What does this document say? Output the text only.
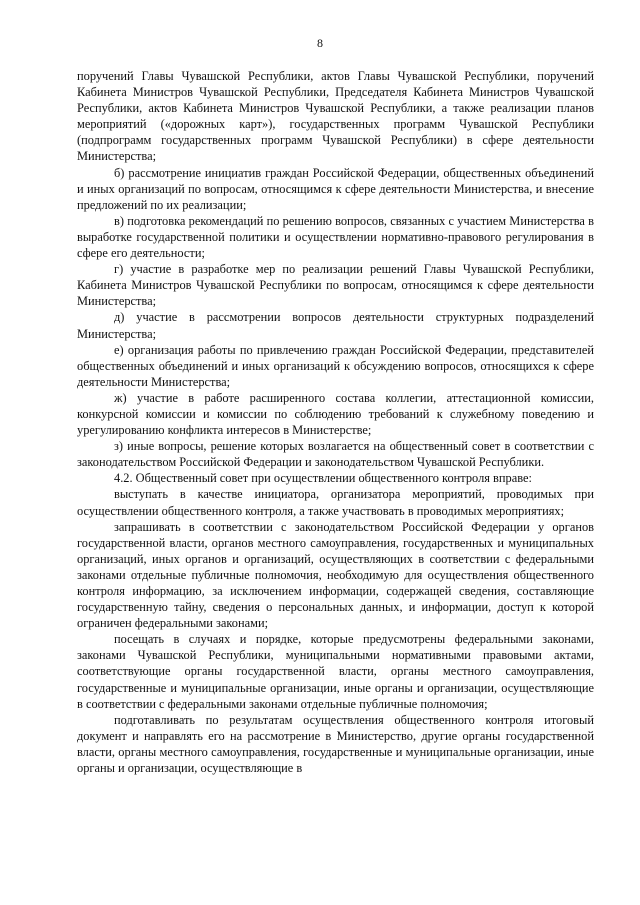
8

поручений Главы Чувашской Республики, актов Главы Чувашской Республики, поручений Кабинета Министров Чувашской Республики, Председателя Кабинета Министров Чувашской Республики, актов Кабинета Министров Чувашской Республики, а также реализации планов мероприятий («дорожных карт»), государственных программ Чувашской Республики (подпрограмм государственных программ Чувашской Республики) в сфере деятельности Министерства;

б) рассмотрение инициатив граждан Российской Федерации, общественных объединений и иных организаций по вопросам, относящимся к сфере деятельности Министерства, и внесение предложений по их реализации;

в) подготовка рекомендаций по решению вопросов, связанных с участием Министерства в выработке государственной политики и осуществлении нормативно-правового регулирования в сфере его деятельности;

г) участие в разработке мер по реализации решений Главы Чувашской Республики, Кабинета Министров Чувашской Республики по вопросам, относящимся к сфере деятельности Министерства;

д) участие в рассмотрении вопросов деятельности структурных подразделений Министерства;

е) организация работы по привлечению граждан Российской Федерации, представителей общественных объединений и иных организаций к обсуждению вопросов, относящихся к сфере деятельности Министерства;

ж) участие в работе расширенного состава коллегии, аттестационной комиссии, конкурсной комиссии и комиссии по соблюдению требований к служебному поведению и урегулированию конфликта интересов в Министерстве;

з) иные вопросы, решение которых возлагается на общественный совет в соответствии с законодательством Российской Федерации и законодательством Чувашской Республики.

4.2. Общественный совет при осуществлении общественного контроля вправе:

выступать в качестве инициатора, организатора мероприятий, проводимых при осуществлении общественного контроля, а также участвовать в проводимых мероприятиях;

запрашивать в соответствии с законодательством Российской Федерации у органов государственной власти, органов местного самоуправления, государственных и муниципальных организаций, иных органов и организаций, осуществляющих в соответствии с федеральными законами отдельные публичные полномочия, необходимую для осуществления общественного контроля информацию, за исключением информации, содержащей сведения, составляющие государственную тайну, сведения о персональных данных, и информации, доступ к которой ограничен федеральными законами;

посещать в случаях и порядке, которые предусмотрены федеральными законами, законами Чувашской Республики, муниципальными нормативными правовыми актами, соответствующие органы государственной власти, органы местного самоуправления, государственные и муниципальные организации, иные органы и организации, осуществляющие в соответствии с федеральными законами отдельные публичные полномочия;

подготавливать по результатам осуществления общественного контроля итоговый документ и направлять его на рассмотрение в Министерство, другие органы государственной власти, органы местного самоуправления, государственные и муниципальные организации, иные органы и организации, осуществляющие в
